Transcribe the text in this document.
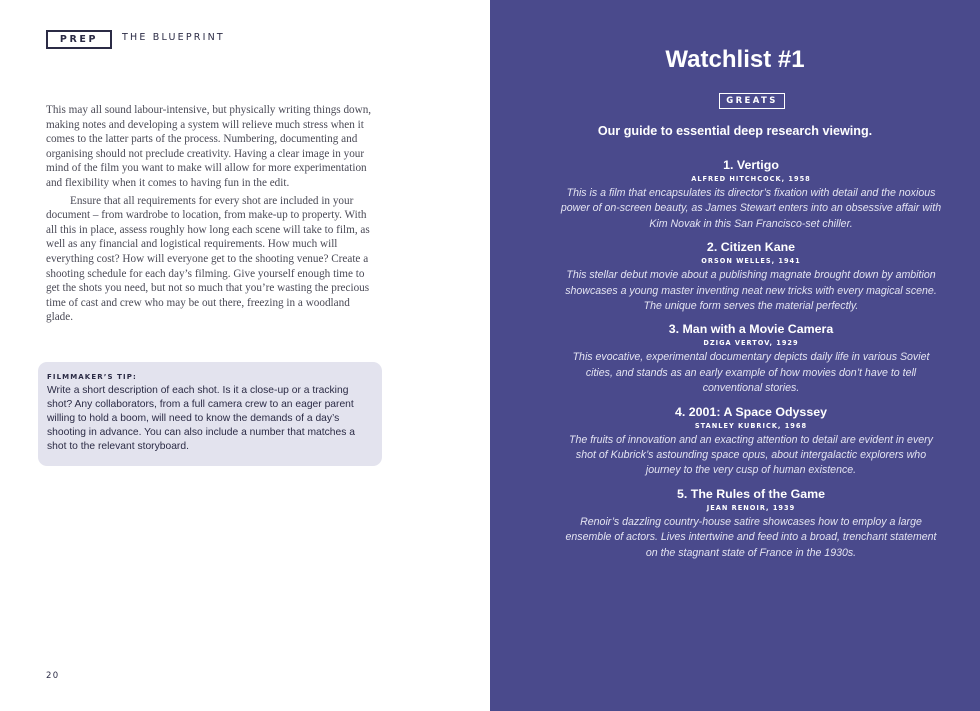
PREP	THE BLUEPRINT

This may all sound labour-intensive, but physically writing things down, making notes and developing a system will relieve much stress when it comes to the latter parts of the process. Numbering, documenting and organising should not preclude creativity. Having a clear image in your mind of the film you want to make will allow for more experimentation and flexibility when it comes to having fun in the edit.

Ensure that all requirements for every shot are included in your document – from wardrobe to location, from make-up to property. With all this in place, assess roughly how long each scene will take to film, as well as any financial and logistical requirements. How much will everything cost? How will everyone get to the shooting venue? Create a shooting schedule for each day’s filming. Give yourself enough time to get the shots you need, but not so much that you’re wasting the precious time of cast and crew who may be out there, freezing in a woodland glade.

FILMMAKER’S TIP:
Write a short description of each shot. Is it a close-up or a tracking shot? Any collaborators, from a full camera crew to an eager parent willing to hold a boom, will need to know the demands of a day’s shooting in advance. You can also include a number that matches a shot to the relevant storyboard.
20
Watchlist #1
GREATS
Our guide to essential deep research viewing.
1. Vertigo
ALFRED HITCHCOCK, 1958
This is a film that encapsulates its director’s fixation with detail and the noxious power of on-screen beauty, as James Stewart enters into an obsessive affair with Kim Novak in this San Francisco-set chiller.
2. Citizen Kane
ORSON WELLES, 1941
This stellar debut movie about a publishing magnate brought down by ambition showcases a young master inventing neat new tricks with every magical scene. The unique form serves the material perfectly.
3. Man with a Movie Camera
DZIGA VERTOV, 1929
This evocative, experimental documentary depicts daily life in various Soviet cities, and stands as an early example of how movies don’t have to tell conventional stories.
4. 2001: A Space Odyssey
STANLEY KUBRICK, 1968
The fruits of innovation and an exacting attention to detail are evident in every shot of Kubrick’s astounding space opus, about intergalactic explorers who journey to the very cusp of human existence.
5. The Rules of the Game
JEAN RENOIR, 1939
Renoir’s dazzling country-house satire showcases how to employ a large ensemble of actors. Lives intertwine and feed into a broad, trenchant statement on the stagnant state of France in the 1930s.
